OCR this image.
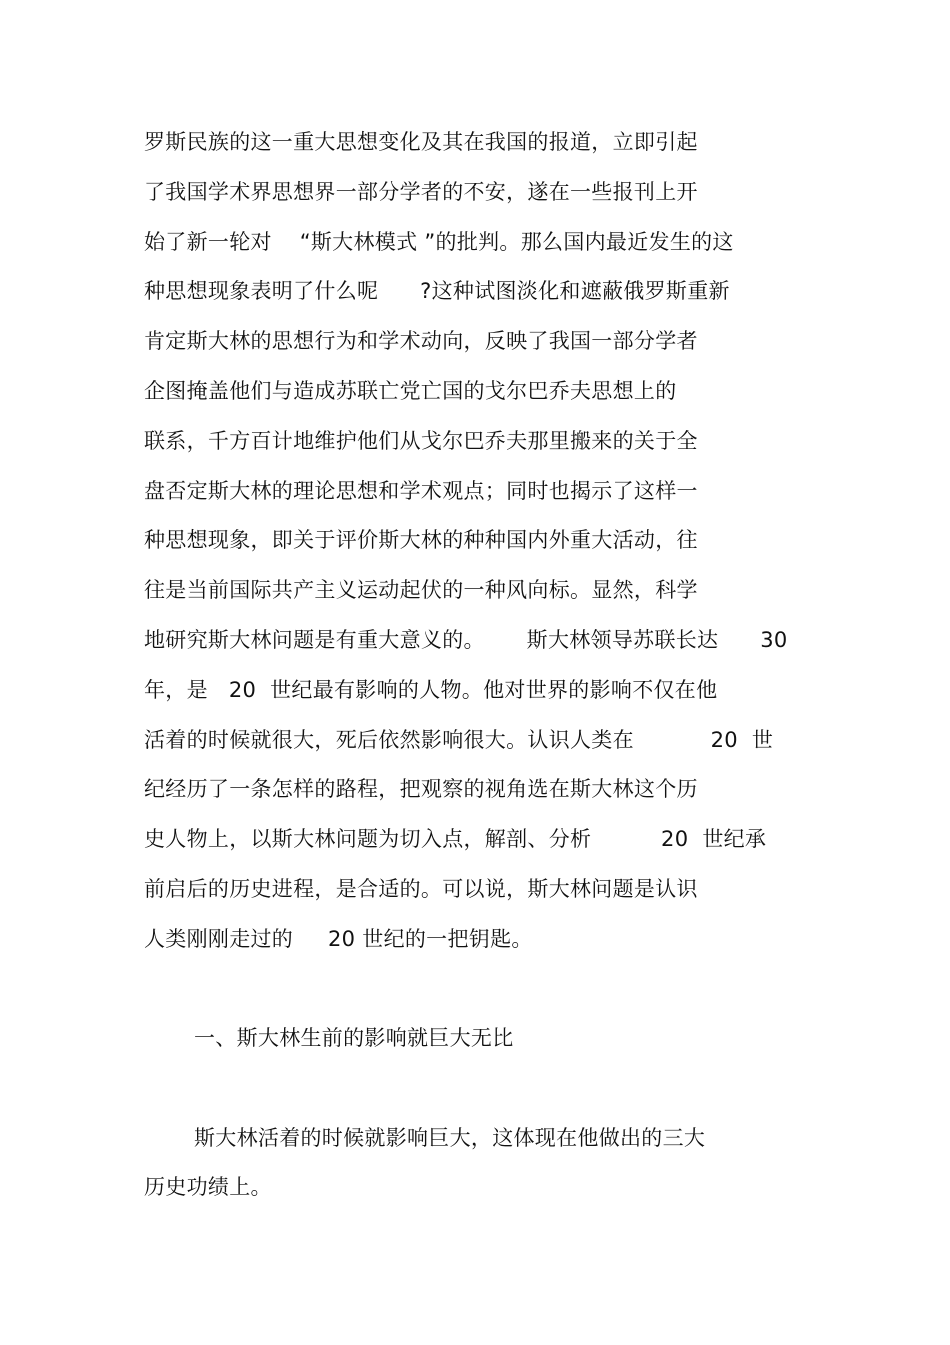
罗斯民族的这一重大思想变化及其在我国的报道，立即引起
了我国学术界思想界一部分学者的不安，遂在一些报刊上开
始了新一轮对    “斯大林模式 ”的批判。那么国内最近发生的这
种思想现象表明了什么呢      ?这种试图淡化和遮蔽俄罗斯重新
肯定斯大林的思想行为和学术动向，反映了我国一部分学者
企图掩盖他们与造成苏联亡党亡国的戈尔巴乔夫思想上的
联系，千方百计地维护他们从戈尔巴乔夫那里搬来的关于全
盘否定斯大林的理论思想和学术观点；同时也揭示了这样一
种思想现象，即关于评价斯大林的种种国内外重大活动，往
往是当前国际共产主义运动起伏的一种风向标。显然，科学
地研究斯大林问题是有重大意义的。      斯大林领导苏联长达      30
年，是   20  世纪最有影响的人物。他对世界的影响不仅在他
活着的时候就很大，死后依然影响很大。认识人类在           20  世
纪经历了一条怎样的路程，把观察的视角选在斯大林这个历
史人物上，以斯大林问题为切入点，解剖、分析          20  世纪承
前启后的历史进程，是合适的。可以说，斯大林问题是认识
人类刚刚走过的     20 世纪的一把钥匙。
一、斯大林生前的影响就巨大无比
斯大林活着的时候就影响巨大，这体现在他做出的三大
历史功绩上。
